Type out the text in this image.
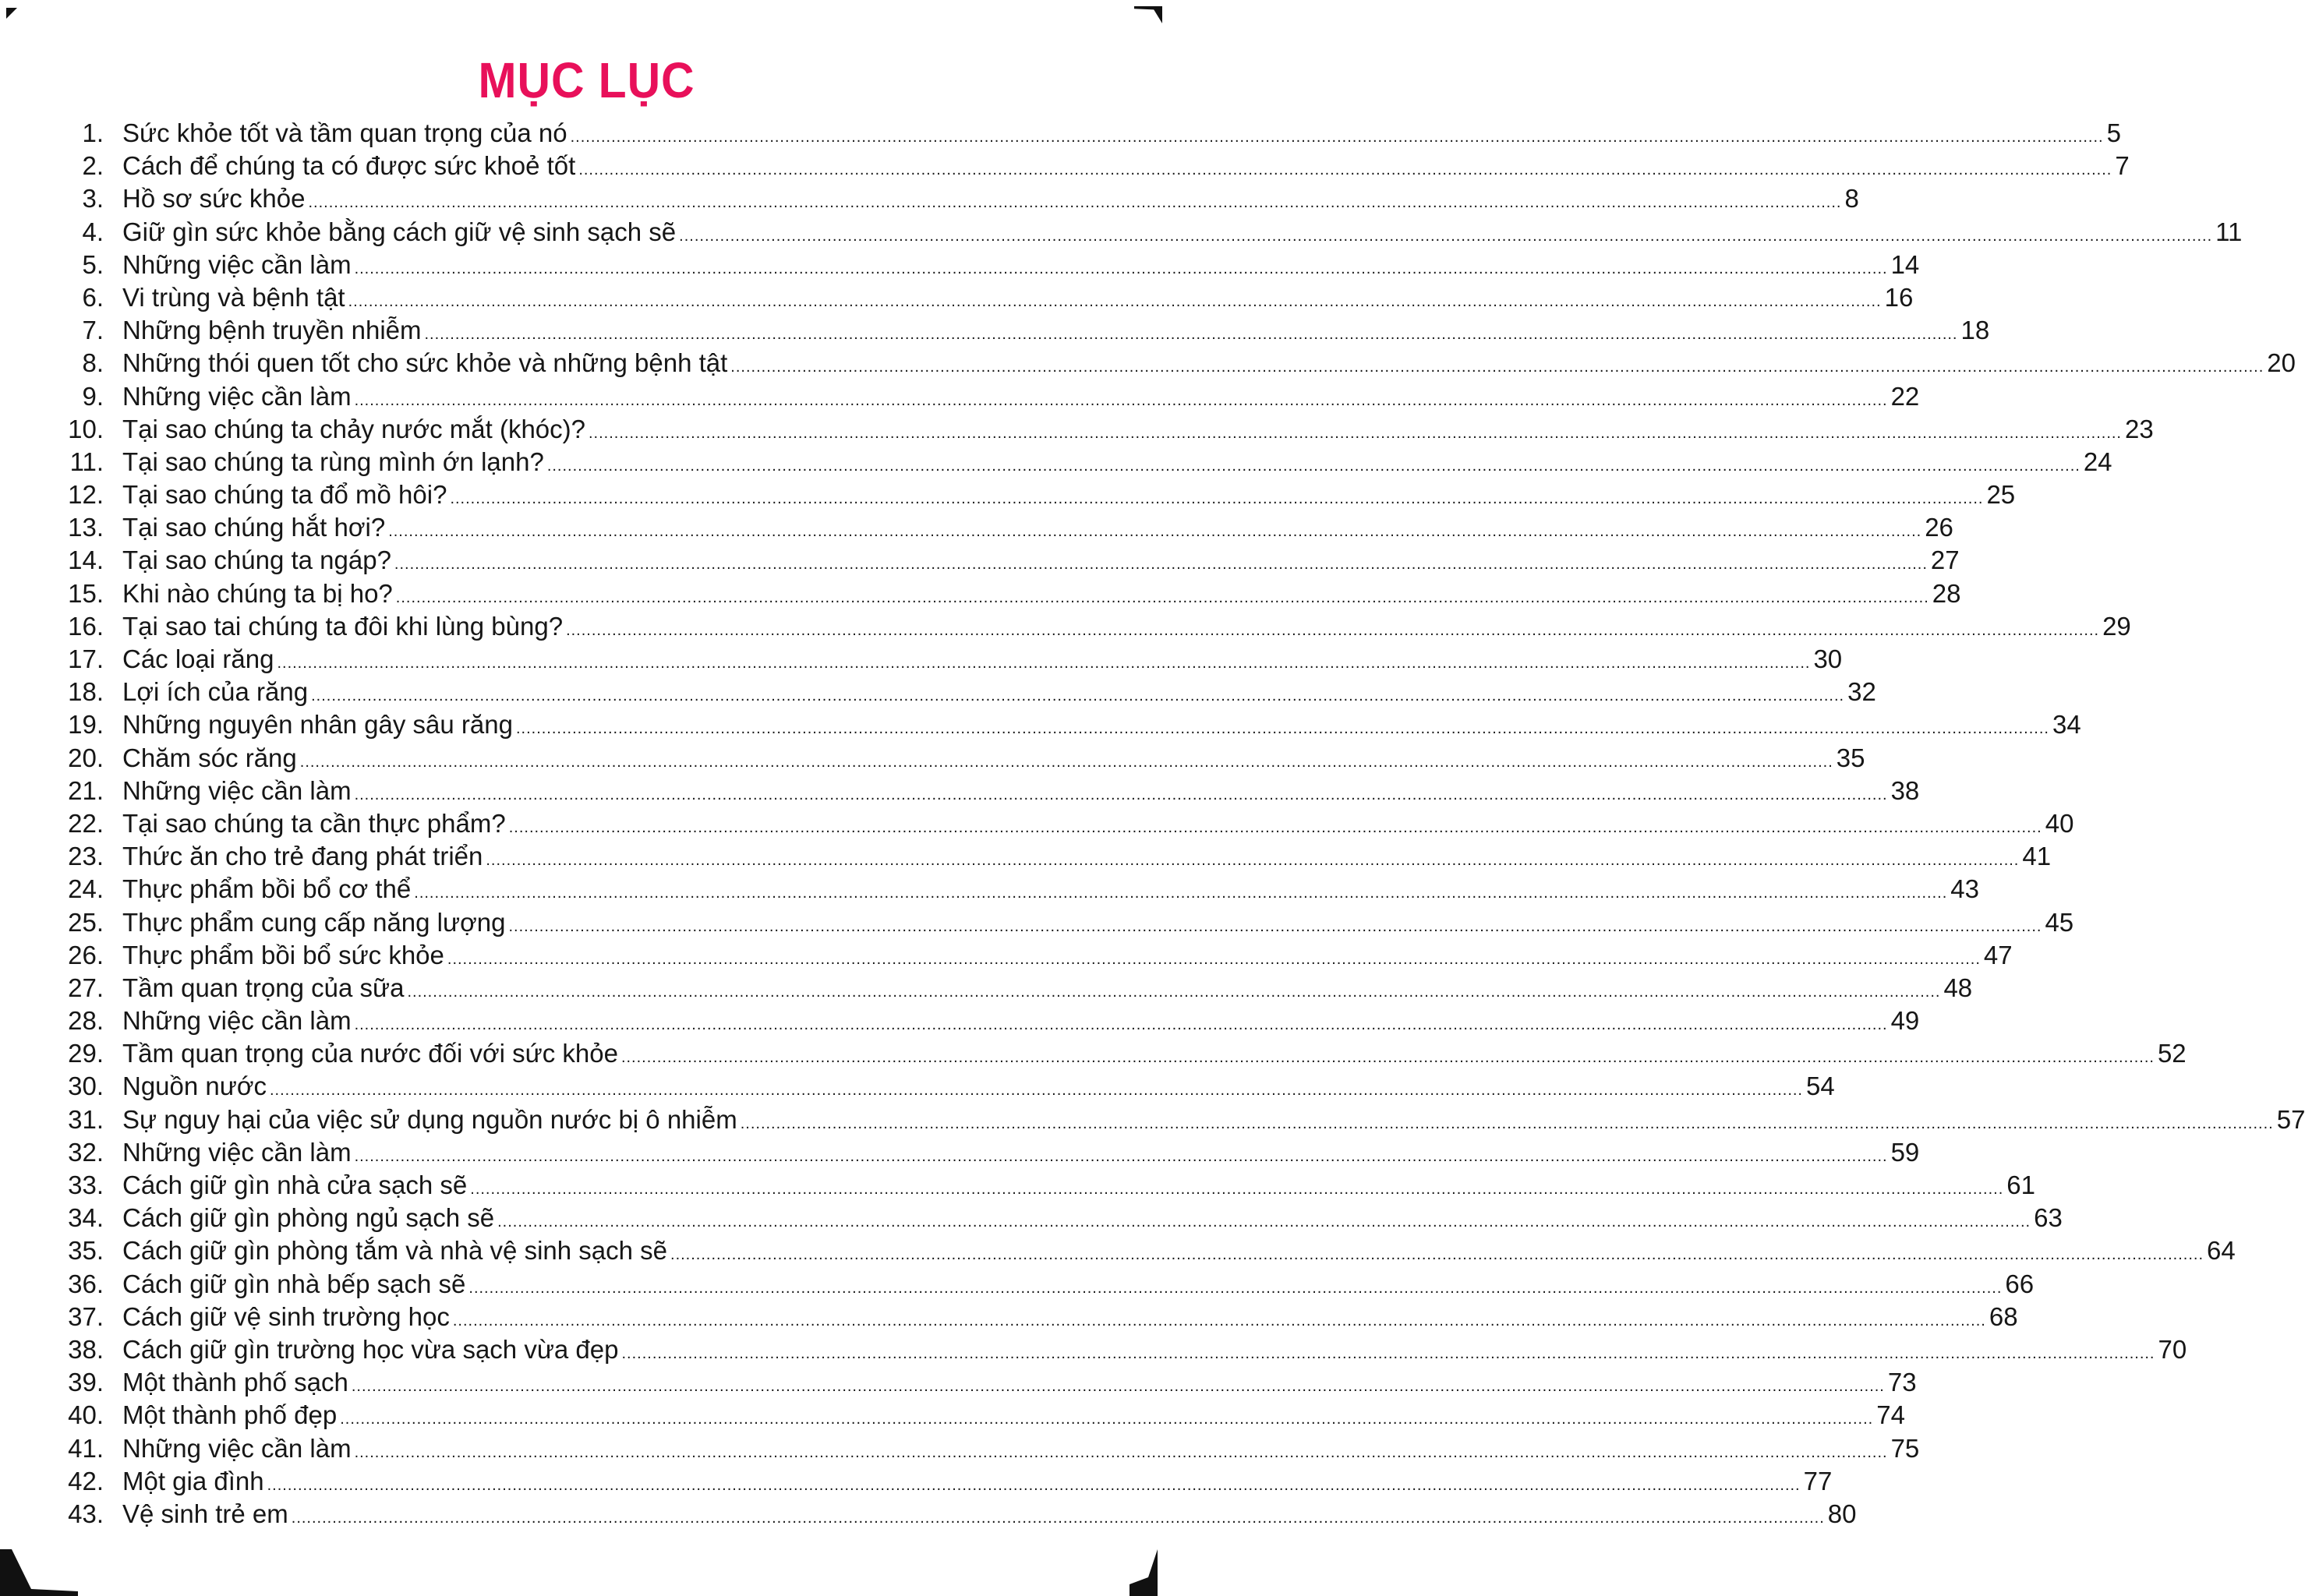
MỤC LỤC
1. Sức khỏe tốt và tầm quan trọng của nó ............................................................................................................................................................................................................................................................................................................ 5
2. Cách để chúng ta có được sức khoẻ tốt ............................................................................................................................................................................................................................................................................................................ 7
3. Hồ sơ sức khỏe ............................................................................................................................................................................................................................................................................................................ 8
4. Giữ gìn sức khỏe bằng cách giữ vệ sinh sạch sẽ ............................................................................................................................................................................................................................................................................................................ 11
5. Những việc cần làm ............................................................................................................................................................................................................................................................................................................ 14
6. Vi trùng và bệnh tật ............................................................................................................................................................................................................................................................................................................ 16
7. Những bệnh truyền nhiễm ............................................................................................................................................................................................................................................................................................................ 18
8. Những thói quen tốt cho sức khỏe và những bệnh tật ............................................................................................................................................................................................................................................................................................................ 20
9. Những việc cần làm ............................................................................................................................................................................................................................................................................................................ 22
10. Tại sao chúng ta chảy nước mắt (khóc)? ............................................................................................................................................................................................................................................................................................................ 23
11. Tại sao chúng ta rùng mình ớn lạnh? ............................................................................................................................................................................................................................................................................................................ 24
12. Tại sao chúng ta đổ mồ hôi? ............................................................................................................................................................................................................................................................................................................ 25
13. Tại sao chúng hắt hơi? ............................................................................................................................................................................................................................................................................................................ 26
14. Tại sao chúng ta ngáp? ............................................................................................................................................................................................................................................................................................................ 27
15. Khi nào chúng ta bị ho? ............................................................................................................................................................................................................................................................................................................ 28
16. Tại sao tai chúng ta đôi khi lùng bùng? ............................................................................................................................................................................................................................................................................................................ 29
17. Các loại răng ............................................................................................................................................................................................................................................................................................................ 30
18. Lợi ích của răng ............................................................................................................................................................................................................................................................................................................ 32
19. Những nguyên nhân gây sâu răng ............................................................................................................................................................................................................................................................................................................ 34
20. Chăm sóc răng ............................................................................................................................................................................................................................................................................................................ 35
21. Những việc cần làm ............................................................................................................................................................................................................................................................................................................ 38
22. Tại sao chúng ta cần thực phẩm? ............................................................................................................................................................................................................................................................................................................ 40
23. Thức ăn cho trẻ đang phát triển ............................................................................................................................................................................................................................................................................................................ 41
24. Thực phẩm bồi bổ cơ thể ............................................................................................................................................................................................................................................................................................................ 43
25. Thực phẩm cung cấp năng lượng ............................................................................................................................................................................................................................................................................................................ 45
26. Thực phẩm bồi bổ sức khỏe ............................................................................................................................................................................................................................................................................................................ 47
27. Tầm quan trọng của sữa ............................................................................................................................................................................................................................................................................................................ 48
28. Những việc cần làm ............................................................................................................................................................................................................................................................................................................ 49
29. Tầm quan trọng của nước đối với sức khỏe ............................................................................................................................................................................................................................................................................................................ 52
30. Nguồn nước ............................................................................................................................................................................................................................................................................................................ 54
31. Sự nguy hại của việc sử dụng nguồn nước bị ô nhiễm ............................................................................................................................................................................................................................................................................................................ 57
32. Những việc cần làm ............................................................................................................................................................................................................................................................................................................ 59
33. Cách giữ gìn nhà cửa sạch sẽ ............................................................................................................................................................................................................................................................................................................ 61
34. Cách giữ gìn phòng ngủ sạch sẽ ............................................................................................................................................................................................................................................................................................................ 63
35. Cách giữ gìn phòng tắm và nhà vệ sinh sạch sẽ ............................................................................................................................................................................................................................................................................................................ 64
36. Cách giữ gìn nhà bếp sạch sẽ ............................................................................................................................................................................................................................................................................................................ 66
37. Cách giữ vệ sinh trường học ............................................................................................................................................................................................................................................................................................................ 68
38. Cách giữ gìn trường học vừa sạch vừa đẹp ............................................................................................................................................................................................................................................................................................................ 70
39. Một thành phố sạch ............................................................................................................................................................................................................................................................................................................ 73
40. Một thành phố đẹp ............................................................................................................................................................................................................................................................................................................ 74
41. Những việc cần làm ............................................................................................................................................................................................................................................................................................................ 75
42. Một gia đình ............................................................................................................................................................................................................................................................................................................ 77
43. Vệ sinh trẻ em ............................................................................................................................................................................................................................................................................................................ 80
